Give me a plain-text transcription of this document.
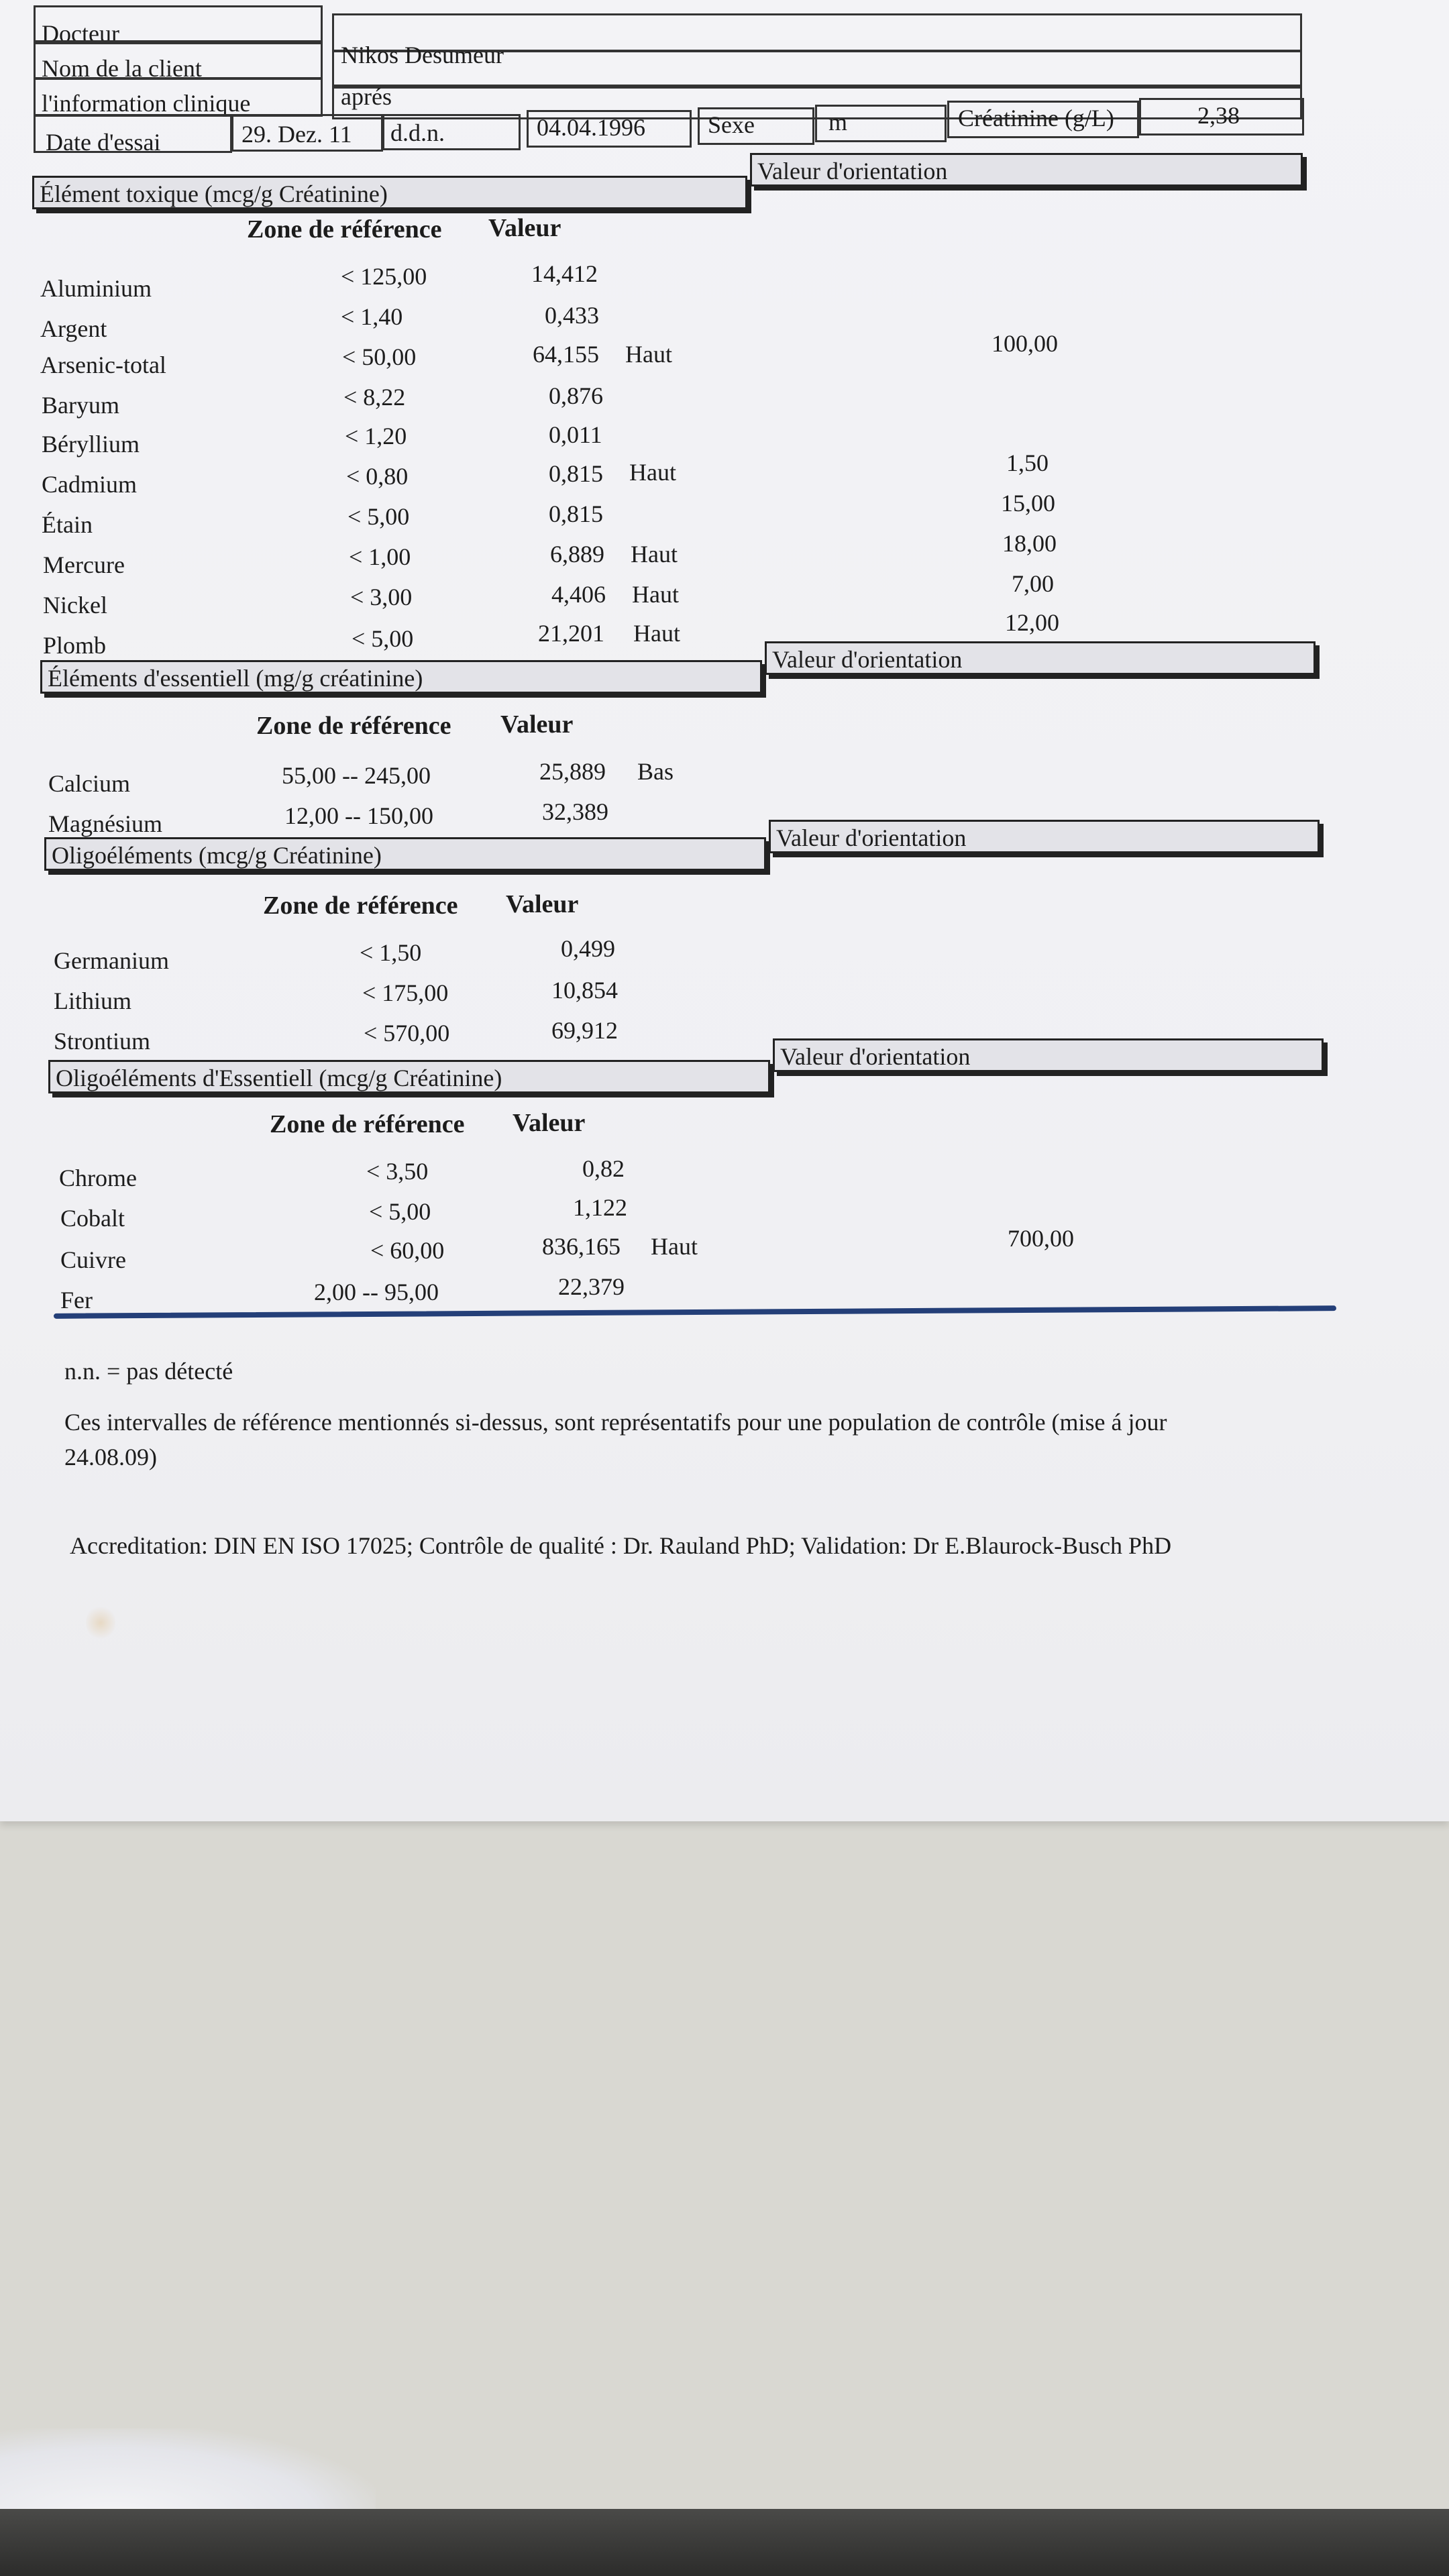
Docteur
Nom de la client	Nikos Desumeur
l'information clinique	aprés
Date d'essai	29. Dez. 11 d.d.n.	04.04.1996	Sexe	m	Créatinine (g/L)	2,38
Élément toxique (mcg/g Créatinine)
Valeur d'orientation
Zone de référence Valeur
Aluminium	< 125,00	14,412
Argent	< 1,40	0,433
Arsenic-total	< 50,00	64,155 Haut	100,00
Baryum	< 8,22	0,876
Béryllium	< 1,20	0,011
Cadmium	< 0,80	0,815 Haut	1,50
Étain	< 5,00	0,815	15,00
Mercure	< 1,00	6,889 Haut	18,00
Nickel	< 3,00	4,406 Haut	7,00
Plomb	< 5,00	21,201 Haut	12,00
Éléments d'essentiell (mg/g créatinine)
Valeur d'orientation
Zone de référence Valeur
Calcium	55,00 -- 245,00	25,889 Bas
Magnésium	12,00 -- 150,00	32,389
Oligoéléments (mcg/g Créatinine)
Valeur d'orientation
Zone de référence Valeur
Germanium	< 1,50	0,499
Lithium	< 175,00	10,854
Strontium	< 570,00	69,912
Oligoéléments d'Essentiell (mcg/g Créatinine)
Valeur d'orientation
Zone de référence Valeur
Chrome	< 3,50	0,82
Cobalt	< 5,00	1,122
Cuivre	< 60,00	836,165 Haut	700,00
Fer	2,00 -- 95,00	22,379
n.n. = pas détecté
Ces intervalles de référence mentionnés si-dessus, sont représentatifs pour une population de contrôle (mise á jour
24.08.09)
Accreditation: DIN EN ISO 17025; Contrôle de qualité : Dr. Rauland PhD; Validation: Dr E.Blaurock-Busch PhD
